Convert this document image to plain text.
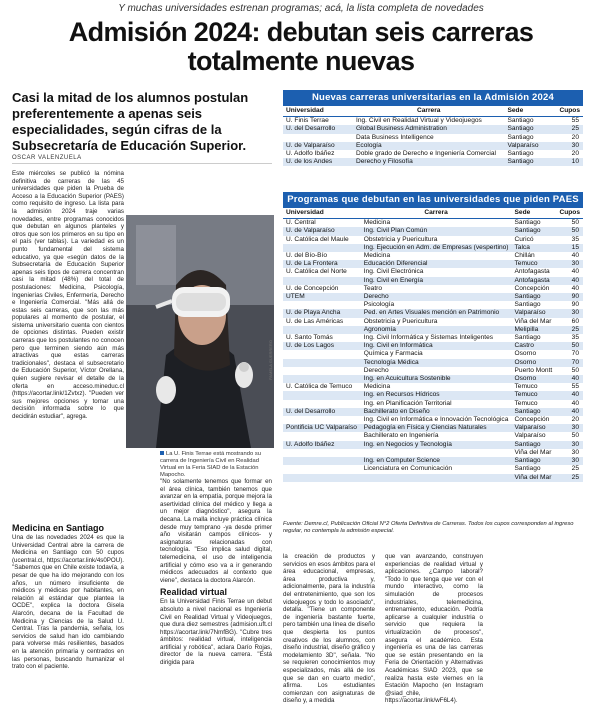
Y muchas universidades estrenan programas; acá, la lista completa de novedades
Admisión 2024: debutan seis carreras totalmente nuevas
Casi la mitad de los alumnos postulan preferentemente a apenas seis especialidades, según cifras de la Subsecretaría de Educación Superior.
OSCAR VALENZUELA

Este miércoles se publicó la nómina definitiva de carreras de las 45 universidades que piden la Prueba de Acceso a la Educación Superior (PAES) como requisito de ingreso. La lista para la admisión 2024 traje varias novedades, entre programas conocidos que debutan en algunos planteles y otros que son los primeros en su tipo en el país (ver tablas). La variedad es un punto fundamental del sistema educativo, ya que «según datos de la Subsecretaría de Educación Superior apenas seis tipos de carrera concentran casi la mitad (48%) del total de postulaciones: Medicina, Psicología, Ingenierías Civiles, Enfermería, Derecho e Ingeniería Comercial. "Más allá de estas seis carreras, que son las más populares al momento de postular, el sistema universitario cuenta con cientos de opciones distintas. Pueden existir carreras que los postulantes no conocen pero que terminen siendo aún más atractivas que estas carreras tradicionales", destaca el subsecretario de Educación Superior, Víctor Orellana, quien sugiere revisar el detalle de la oferta en acceso.mineduc.cl (https://acortar.link/1Zvtxz). "Pueden ver sus mejores opciones y tomar una decisión informada sobre lo que decidirán estudiar", agrega.

Medicina en Santiago

Una de las novedades 2024 es que la Universidad Central abre la carrera de Medicina en Santiago con 50 cupos (ucentral.cl, https://acortar.link/4s0POU). "Sabemos que en Chile existe todavía, a pesar de que ha ido mejorando con los años, un número insuficiente de médicos y médicas por habitantes, en relación al estándar que plantea la OCDE", explica la doctora Gisela Alarcón, decana de la Facultad de Medicina y Ciencias de la Salud U. Central. Tras la pandemia, señala, los servicios de salud han ido cambiando para volverse más resilientes, basados en la atención primaria y centrados en las personas, buscando humanizar el trato con el paciente.

PAMELA GUERRERO
La U. Finis Terrae está mostrando su carrera de Ingeniería Civil en Realidad Virtual en la Feria SIAD de la Estación Mapocho.

"No solamente tenemos que formar en el área clínica, también tenemos que avanzar en la empatía, porque mejora la asertividad clínica del médico y llega a un mejor diagnóstico", asegura la decana. La malla incluye práctica clínica desde muy temprano -ya desde primer año visitarán campos clínicos- y asignaturas relacionadas con tecnología. "Eso implica salud digital, telemedicina, el uso de inteligencia artificial y cómo eso va a ir generando médicos adecuados al contexto que viene", destaca la doctora Alarcón.

Realidad virtual

En la Universidad Finis Terrae un debut absoluto a nivel nacional es Ingeniería Civil en Realidad Virtual y Videojuegos, que dura diez semestres (admision.uft.cl https://acortar.link/7NmfBG). "Cubre tres ámbitos: realidad virtual, inteligencia artificial y robótica", aclara Darío Rojas, director de la nueva carrera. "Está dirigida para

Nuevas carreras universitarias en la Admisión 2024
Universidad	Carrera	Sede	Cupos
U. Finis Terrae	Ing. Civil en Realidad Virtual y Videojuegos	Santiago	55
U. del Desarrollo	Global Business Administration	Santiago	25
	Data Business Intelligence	Santiago	20
U. de Valparaíso	Ecología	Valparaíso	30
U. Adolfo Ibáñez	Doble grado de Derecho e Ingeniería Comercial	Santiago	20
U. de los Andes	Derecho y Filosofía	Santiago	10
Programas que debutan en las universidades que piden PAES
Universidad	Carrera	Sede	Cupos
U. Central	Medicina	Santiago	50
U. de Valparaíso	Ing. Civil Plan Común	Santiago	50
U. Católica del Maule	Obstetricia y Puericultura	Curicó	35
	Ing. Ejecución en Adm. de Empresas (vespertino)	Talca	15
U. del Bío-Bío	Medicina	Chillán	40
U. de La Frontera	Educación Diferencial	Temuco	30
U. Católica del Norte	Ing. Civil Electrónica	Antofagasta	40
	Ing. Civil en Energía	Antofagasta	40
U. de Concepción	Teatro	Concepción	40
UTEM	Derecho	Santiago	90
	Psicología	Santiago	90
U. de Playa Ancha	Ped. en Artes Visuales mención en Patrimonio	Valparaíso	30
U. de Las Américas	Obstetricia y Puericultura	Viña del Mar	60
	Agronomía	Melipilla	25
U. Santo Tomás	Ing. Civil Informática y Sistemas Inteligentes	Santiago	35
U. de Los Lagos	Ing. Civil en Informática	Castro	50
	Química y Farmacia	Osorno	70
	Tecnología Médica	Osorno	70
	Derecho	Puerto Montt	50
	Ing. en Acuicultura Sostenible	Osorno	40
U. Católica de Temuco	Medicina	Temuco	55
	Ing. en Recursos Hídricos	Temuco	40
	Ing. en Planificación Territorial	Temuco	40
U. del Desarrollo	Bachillerato en Diseño	Santiago	40
	Ing. Civil en Informática e Innovación Tecnológica	Concepción	20
Pontificia UC Valparaíso	Pedagogía en Física y Ciencias Naturales	Valparaíso	30
	Bachillerato en Ingeniería	Valparaíso	50
U. Adolfo Ibáñez	Ing. en Negocios y Tecnología	Santiago	30
		Viña del Mar	30
	Ing. en Computer Science	Santiago	30
	Licenciatura en Comunicación	Santiago	25
		Viña del Mar	25
Fuente: Demre.cl, Publicación Oficial N°2 Oferta Definitiva de Carreras. Todos los cupos corresponden al ingreso regular, no contempla la admisión especial.

la creación de productos y servicios en esos ámbitos para el área educacional, empresas, área productiva y, adicionalmente, para la industria del entretenimiento, que son los videojuegos y todo lo asociado", detalla. "Tiene un componente de ingeniería bastante fuerte, pero también una línea de diseño que despierta los puntos creativos de los alumnos, con diseño industrial, diseño gráfico y modelamiento 3D", señala. "No se requieren conocimientos muy especializados, más allá de los que se dan en cuarto medio", afirma. Los estudiantes comienzan con asignaturas de diseño y, a medida

que van avanzando, construyen experiencias de realidad virtual y aplicaciones. ¿Campo laboral? "Todo lo que tenga que ver con el mundo interactivo, como la simulación de procesos industriales, telemedicina, entrenamiento, educación. Podría aplicarse a cualquier industria o servicio que requiera la virtualización de procesos", asegura el académico. Esta ingeniería es una de las carreras que se están presentando en la Feria de Orientación y Alternativas Académicas SIAD 2023, que se realiza hasta este viernes en la Estación Mapocho (en Instagram @siad_chile, https://acortar.link/wF6L4).
